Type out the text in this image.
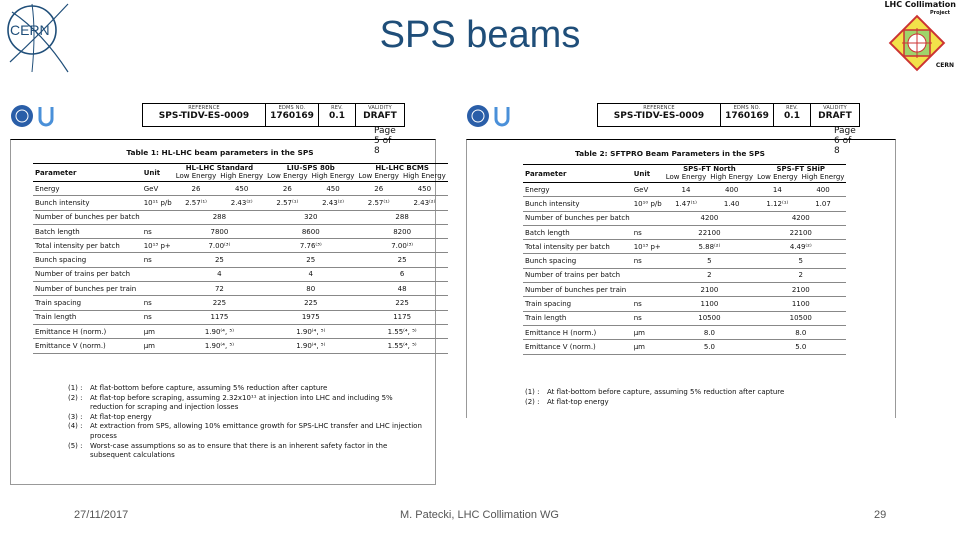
SPS beams
CERN
LHC Collimation
Project
CERN
REFERENCE
SPS-TIDV-ES-0009
EDMS NO.
1760169
REV.
0.1
VALIDITY
DRAFT
Page 5 of 8
Table 1: HL-LHC beam parameters in the SPS
Parameter	Unit	HL-LHC Standard		LIU-SPS 80b		HL-LHC BCMS	
		Low Energy	High Energy	Low Energy	High Energy	Low Energy	High Energy
Energy	GeV	26	450	26	450	26	450
Bunch intensity	10¹¹ p/b	2.57⁽¹⁾	2.43⁽²⁾	2.57⁽¹⁾	2.43⁽²⁾	2.57⁽¹⁾	2.43⁽²⁾
Number of bunches per batch		288		320		288	
Batch length	ns	7800		8600		8200	
Total intensity per batch	10¹³ p+	7.00⁽³⁾		7.76⁽³⁾		7.00⁽³⁾	
Bunch spacing	ns	25		25		25	
Number of trains per batch		4		4		6	
Number of bunches per train		72		80		48	
Train spacing	ns	225		225		225	
Train length	ns	1175		1975		1175	
Emittance H (norm.)	µm	1.90⁽⁴, ⁵⁾		1.90⁽⁴, ⁵⁾		1.55⁽⁴, ⁵⁾	
Emittance V (norm.)	µm	1.90⁽⁴, ⁵⁾		1.90⁽⁴, ⁵⁾		1.55⁽⁴, ⁵⁾	
(1) :	At flat-bottom before capture, assuming 5% reduction after capture
(2) :	At flat-top before scraping, assuming 2.32x10¹¹ at injection into LHC and including 5% reduction for scraping and injection losses
(3) :	At flat-top energy
(4) :	At extraction from SPS, allowing 10% emittance growth for SPS-LHC transfer and LHC injection process
(5) :	Worst-case assumptions so as to ensure that there is an inherent safety factor in the subsequent calculations
REFERENCE
SPS-TIDV-ES-0009
EDMS NO.
1760169
REV.
0.1
VALIDITY
DRAFT
Page 6 of 8
Table 2: SFTPRO Beam Parameters in the SPS
Parameter	Unit	SPS-FT North		SPS-FT SHiP	
		Low Energy	High Energy	Low Energy	High Energy
Energy	GeV	14	400	14	400
Bunch intensity	10¹⁰ p/b	1.47⁽¹⁾	1.40	1.12⁽¹⁾	1.07
Number of bunches per batch		4200		4200	
Batch length	ns	22100		22100	
Total intensity per batch	10¹³ p+	5.88⁽²⁾		4.49⁽²⁾	
Bunch spacing	ns	5		5	
Number of trains per batch		2		2	
Number of bunches per train		2100		2100	
Train spacing	ns	1100		1100	
Train length	ns	10500		10500	
Emittance H (norm.)	µm	8.0		8.0	
Emittance V (norm.)	µm	5.0		5.0	
(1) :	At flat-bottom before capture, assuming 5% reduction after capture
(2) :	At flat-top energy
27/11/2017	M. Patecki, LHC Collimation WG	29
